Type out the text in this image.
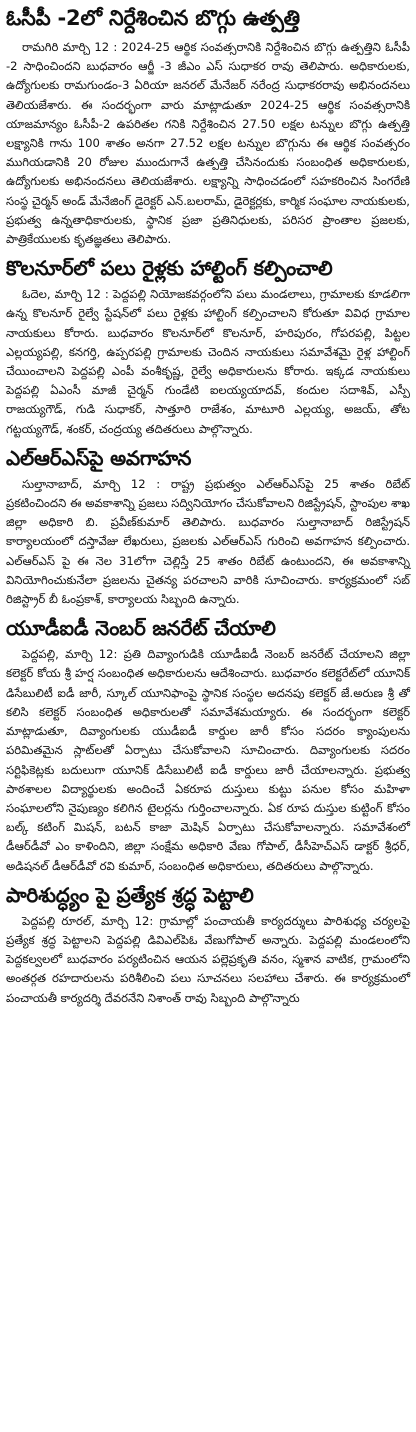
ఓసీపీ -2లో నిర్దేశించిన బొగ్గు ఉత్పత్తి

రామగిరి మార్చి 12 : 2024-25 ఆర్థిక సంవత్సరానికి నిర్దేశించిన బొగ్గు ఉత్పత్తిని ఓసీపీ -2 సాధించిందని బుధవారం ఆర్జీ -3 జీఎం ఎస్ సుధాకర రావు తెలిపారు. అధికారులకు, ఉద్యోగులకు రామగుండం-3 ఏరియా జనరల్ మేనేజర్ నరేంద్ర సుధాకరరావు అభినందనలు తెలియజేశారు. ఈ సందర్భంగా వారు మాట్లాడుతూ 2024-25 ఆర్థిక సంవత్సరానికి యాజమాన్యం ఓసీపీ-2 ఉపరితల గనికి నిర్దేశించిన 27.50 లక్షల టన్నుల బొగ్గు ఉత్పత్తి లక్ష్యానికి గాను 100 శాతం అనగా 27.52 లక్షల టన్నుల బొగ్గును ఈ ఆర్థిక సంవత్సరం ముగియడానికి 20 రోజుల ముందుగానే ఉత్పత్తి చేసినందుకు సంబంధిత అధికారులకు, ఉద్యోగులకు అభినందనలు తెలియజేశారు. లక్ష్యాన్ని సాధించడంలో సహకరించిన సింగరేణి సంస్థ చైర్మన్ అండ్ మేనేజింగ్ డైరెక్టర్ ఎన్.బలరామ్, డైరెక్టర్లకు, కార్మిక సంఘాల నాయకులకు, ప్రభుత్వ ఉన్నతాధికారులకు, స్థానిక ప్రజా ప్రతినిధులకు, పరిసర ప్రాంతాల ప్రజలకు, పాత్రికేయులకు కృతజ్ఞతలు తెలిపారు.

కొలనూర్‌లో పలు రైళ్లకు హాల్టింగ్ కల్పించాలి

ఓదెల, మార్చి 12 : పెద్దపల్లి నియోజకవర్గంలోని పలు మండలాలు, గ్రామాలకు కూడలిగా ఉన్న కొలనూర్ రైల్వే స్టేషన్‌లో పలు రైళ్లకు హాల్టింగ్ కల్పించాలని కోరుతూ వివిధ గ్రామాల నాయకులు కోరారు. బుధవారం కొలనూర్‌లో కొలనూర్, హరిపురం, గోపరపల్లి, పిట్టల ఎల్లయ్యపల్లి, కనగర్తి, ఉప్పరపల్లి గ్రామాలకు చెందిన నాయకులు సమావేశమై రైళ్ల హాల్టింగ్ చేయించాలని పెద్దపల్లి ఎంపీ వంశీకృష్ణ, రైల్వే అధికారులను కోరారు. ఇక్కడ నాయకులు పెద్దపల్లి ఏఎంసీ మాజీ చైర్మన్ గుండేటి ఐలయ్యయాదవ్, కందుల సదాశివ్, ఎస్పీ రాజయ్యగౌడ్, గుడి సుధాకర్, సాత్తూరి రాజేశం, మాటూరి ఎల్లయ్య, అజయ్, తోట గట్టయ్యగౌడ్, శంకర్, చంద్రయ్య తదితరులు పాల్గొన్నారు.

ఎల్ఆర్ఎస్‌పై అవగాహన

సుల్తానాబాద్, మార్చి 12 : రాష్ట్ర ప్రభుత్వం ఎల్ఆర్ఎస్‌పై 25 శాతం రిబేట్ ప్రకటించిందని ఈ అవకాశాన్ని ప్రజలు సద్వినియోగం చేసుకోవాలని రిజిస్ట్రేషన్, స్టాంపుల శాఖ జిల్లా అధికారి బి. ప్రవీణ్‌కుమార్ తెలిపారు. బుధవారం సుల్తానాబాద్ రిజిస్ట్రేషన్ కార్యాలయంలో దస్తావేజు లేఖరులు, ప్రజలకు ఎల్ఆర్ఎస్ గురించి అవగాహన కల్పించారు. ఎల్ఆర్ఎస్ పై ఈ నెల 31లోగా చెల్లిస్తే 25 శాతం రిబేట్ ఉంటుందని, ఈ అవకాశాన్ని వినియోగించుకునేలా ప్రజలను చైతన్య పరచాలని వారికి సూచించారు. కార్యక్రమంలో సబ్ రిజిస్ట్రార్ బీ ఓంప్రకాశ్, కార్యాలయ సిబ్బంది ఉన్నారు.

యూడీఐడీ నెంబర్ జనరేట్ చేయాలి

పెద్దపల్లి, మార్చి 12: ప్రతి దివ్యాంగుడికి యూడీఐడీ నెంబర్ జనరేట్ చేయాలని జిల్లా కలెక్టర్ కోయ శ్రీ హర్ష సంబంధిత అధికారులను ఆదేశించారు. బుధవారం కలెక్టరేట్‌లో యూనిక్ డిసేబులిటీ ఐడీ జారీ, స్కూల్ యూనిఫాంపై స్థానిక సంస్థల అదనపు కలెక్టర్ జే.అరుణ శ్రీ తో కలిసి కలెక్టర్ సంబంధిత అధికారులతో సమావేశమయ్యారు. ఈ సందర్భంగా కలెక్టర్ మాట్లాడుతూ, దివ్యాంగులకు యుడీఐడీ కార్డుల జారీ కోసం సదరం క్యాంపులను పరిమితమైన స్లాట్‌లతో ఏర్పాటు చేసుకోవాలని సూచించారు. దివ్యాంగులకు సదరం సర్టిఫికెట్లకు బదులుగా యూనిక్ డిసేబులిటీ ఐడీ కార్డులు జారీ చేయాలన్నారు. ప్రభుత్వ పాఠశాలల విద్యార్థులకు అందించే ఏకరూప దుస్తులు కుట్టు పనుల కోసం మహిళా సంఘాలలోని నైపుణ్యం కలిగిన టైలర్లను గుర్తించాలన్నారు. ఏక రూప దుస్తుల కుట్టింగ్ కోసం బల్క్ కటింగ్ మిషన్, బటన్ కాజా మెషిన్ ఏర్పాటు చేసుకోవాలన్నారు. సమావేశంలో డీఆర్‌డీవో ఎం కాళిందిని, జిల్లా సంక్షేమ అధికారి వేణు గోపాల్, డీసీహెచ్ఎస్ డాక్టర్ శ్రీధర్, అడిషనల్ డీఆర్‌డీవో రవి కుమార్, సంబంధిత అధికారులు, తదితరులు పాల్గొన్నారు.

పారిశుద్ధ్యం పై ప్రత్యేక శ్రద్ధ పెట్టాలి

పెద్దపల్లి రూరల్, మార్చి 12: గ్రామాల్లో పంచాయతీ కార్యదర్శులు పారిశుధ్య చర్యలపై ప్రత్యేక శ్రద్ధ పెట్టాలని పెద్దపల్లి డివిఎల్‌పిఓ వేణుగోపాల్ అన్నారు. పెద్దపల్లి మండలంలోని పెద్దకల్వలలో బుధవారం పర్యటించిన ఆయన పల్లెప్రకృతి వనం, స్మశాన వాటిక, గ్రామంలోని అంతర్గత రహదారులను పరిశీలించి పలు సూచనలు సలహాలు చేశారు. ఈ కార్యక్రమంలో పంచాయతీ కార్యదర్శి దేవరనేని నిశాంత్ రావు సిబ్బంది పాల్గొన్నారు
